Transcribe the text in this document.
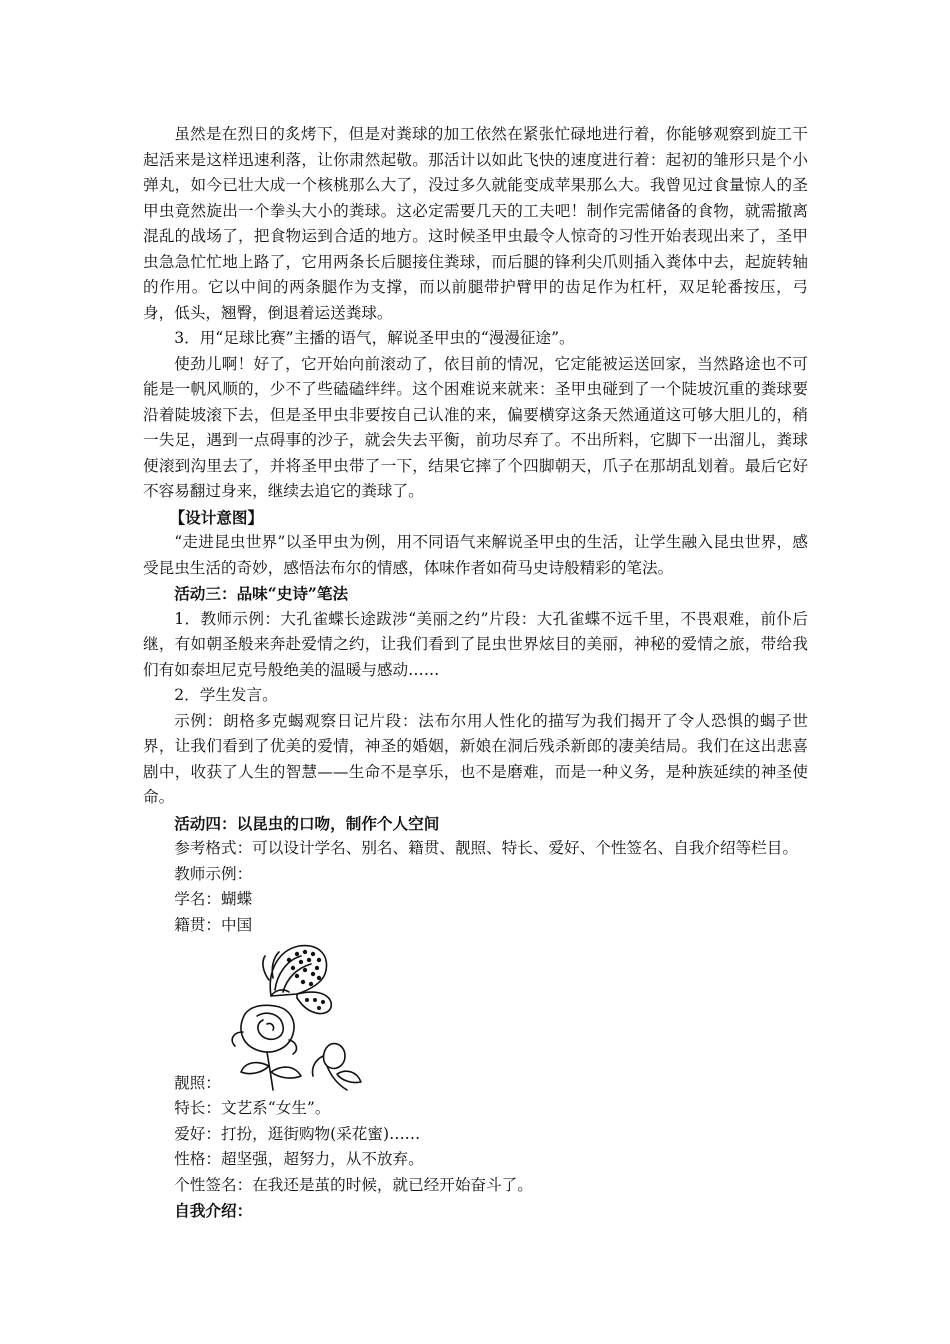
虽然是在烈日的炙烤下，但是对粪球的加工依然在紧张忙碌地进行着，你能够观察到旋工干起活来是这样迅速利落，让你肃然起敬。那活计以如此飞快的速度进行着：起初的雏形只是个小弹丸，如今已壮大成一个核桃那么大了，没过多久就能变成苹果那么大。我曾见过食量惊人的圣甲虫竟然旋出一个拳头大小的粪球。这必定需要几天的工夫吧！制作完需储备的食物，就需撤离混乱的战场了，把食物运到合适的地方。这时候圣甲虫最令人惊奇的习性开始表现出来了，圣甲虫急急忙忙地上路了，它用两条长后腿接住粪球，而后腿的锋利尖爪则插入粪体中去，起旋转轴的作用。它以中间的两条腿作为支撑，而以前腿带护臂甲的齿足作为杠杆，双足轮番按压，弓身，低头，翘臀，倒退着运送粪球。

3．用“足球比赛”主播的语气，解说圣甲虫的“漫漫征途”。

使劲儿啊！好了，它开始向前滚动了，依目前的情况，它定能被运送回家，当然路途也不可能是一帆风顺的，少不了些磕磕绊绊。这个困难说来就来：圣甲虫碰到了一个陡坡沉重的粪球要沿着陡坡滚下去，但是圣甲虫非要按自己认准的来，偏要横穿这条天然通道这可够大胆儿的，稍一失足，遇到一点碍事的沙子，就会失去平衡，前功尽弃了。不出所料，它脚下一出溜儿，粪球便滚到沟里去了，并将圣甲虫带了一下，结果它摔了个四脚朝天，爪子在那胡乱划着。最后它好不容易翻过身来，继续去追它的粪球了。

【设计意图】

“走进昆虫世界”以圣甲虫为例，用不同语气来解说圣甲虫的生活，让学生融入昆虫世界，感受昆虫生活的奇妙，感悟法布尔的情感，体味作者如荷马史诗般精彩的笔法。

活动三：品味“史诗”笔法

1．教师示例：大孔雀蝶长途跋涉“美丽之约”片段：大孔雀蝶不远千里，不畏艰难，前仆后继，有如朝圣般来奔赴爱情之约，让我们看到了昆虫世界炫目的美丽，神秘的爱情之旅，带给我们有如泰坦尼克号般绝美的温暖与感动……

2．学生发言。

示例：朗格多克蝎观察日记片段：法布尔用人性化的描写为我们揭开了令人恐惧的蝎子世界，让我们看到了优美的爱情，神圣的婚姻，新娘在洞后残杀新郎的凄美结局。我们在这出悲喜剧中，收获了人生的智慧——生命不是享乐，也不是磨难，而是一种义务，是种族延续的神圣使命。

活动四：以昆虫的口吻，制作个人空间

参考格式：可以设计学名、别名、籍贯、靓照、特长、爱好、个性签名、自我介绍等栏目。

教师示例：

学名：蝴蝶

籍贯：中国

靓照：

特长：文艺系“女生”。

爱好：打扮，逛街购物(采花蜜)……

性格：超坚强，超努力，从不放弃。

个性签名：在我还是茧的时候，就已经开始奋斗了。

自我介绍：
